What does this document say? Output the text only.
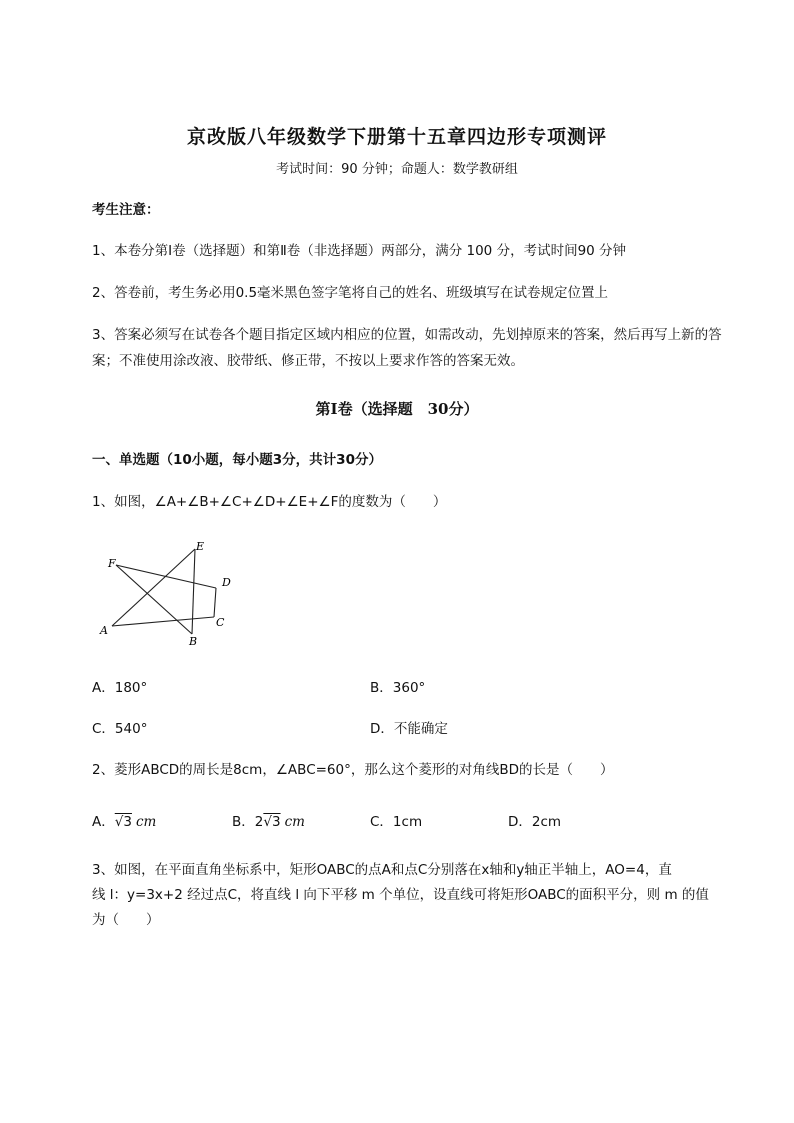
京改版八年级数学下册第十五章四边形专项测评
考试时间：90 分钟；命题人：数学教研组
考生注意：
1、本卷分第Ⅰ卷（选择题）和第Ⅱ卷（非选择题）两部分，满分 100 分，考试时间90 分钟
2、答卷前，考生务必用0.5毫米黑色签字笔将自己的姓名、班级填写在试卷规定位置上
3、答案必须写在试卷各个题目指定区域内相应的位置，如需改动，先划掉原来的答案，然后再写上新的答案；不准使用涂改液、胶带纸、修正带，不按以上要求作答的答案无效。
第Ⅰ卷（选择题　30分）
一、单选题（10小题，每小题3分，共计30分）
1、如图，∠A+∠B+∠C+∠D+∠E+∠F的度数为（　　）
A
B
C
D
E
F
A．180°	B．360°
C．540°	D．不能确定
2、菱形ABCD的周长是8cm，∠ABC=60°，那么这个菱形的对角线BD的长是（　　）
A．√3 cm	B．2√3 cm	C．1cm	D．2cm
3、如图，在平面直角坐标系中，矩形OABC的点A和点C分别落在x轴和y轴正半轴上，AO=4，直
线 l：y=3x+2 经过点C，将直线 l 向下平移 m 个单位，设直线可将矩形OABC的面积平分，则 m 的值
为（　　）
